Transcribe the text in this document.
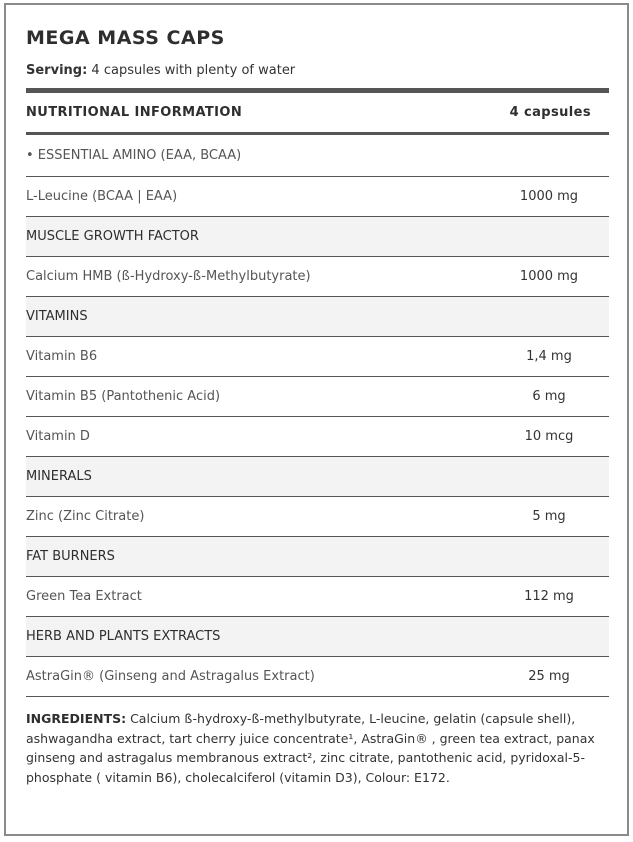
MEGA MASS CAPS
Serving: 4 capsules with plenty of water
NUTRITIONAL INFORMATION	4 capsules
• ESSENTIAL AMINO (EAA, BCAA)
L-Leucine (BCAA | EAA)	1000 mg
MUSCLE GROWTH FACTOR
Calcium HMB (ß-Hydroxy-ß-Methylbutyrate)	1000 mg
VITAMINS
Vitamin B6	1,4 mg
Vitamin B5 (Pantothenic Acid)	6 mg
Vitamin D	10 mcg
MINERALS
Zinc (Zinc Citrate)	5 mg
FAT BURNERS
Green Tea Extract	112 mg
HERB AND PLANTS EXTRACTS
AstraGin® (Ginseng and Astragalus Extract)	25 mg
INGREDIENTS: Calcium ß-hydroxy-ß-methylbutyrate, L-leucine, gelatin (capsule shell), ashwagandha extract, tart cherry juice concentrate¹, AstraGin® , green tea extract, panax ginseng and astragalus membranous extract², zinc citrate, pantothenic acid, pyridoxal-5-phosphate ( vitamin B6), cholecalciferol (vitamin D3), Colour: E172.
